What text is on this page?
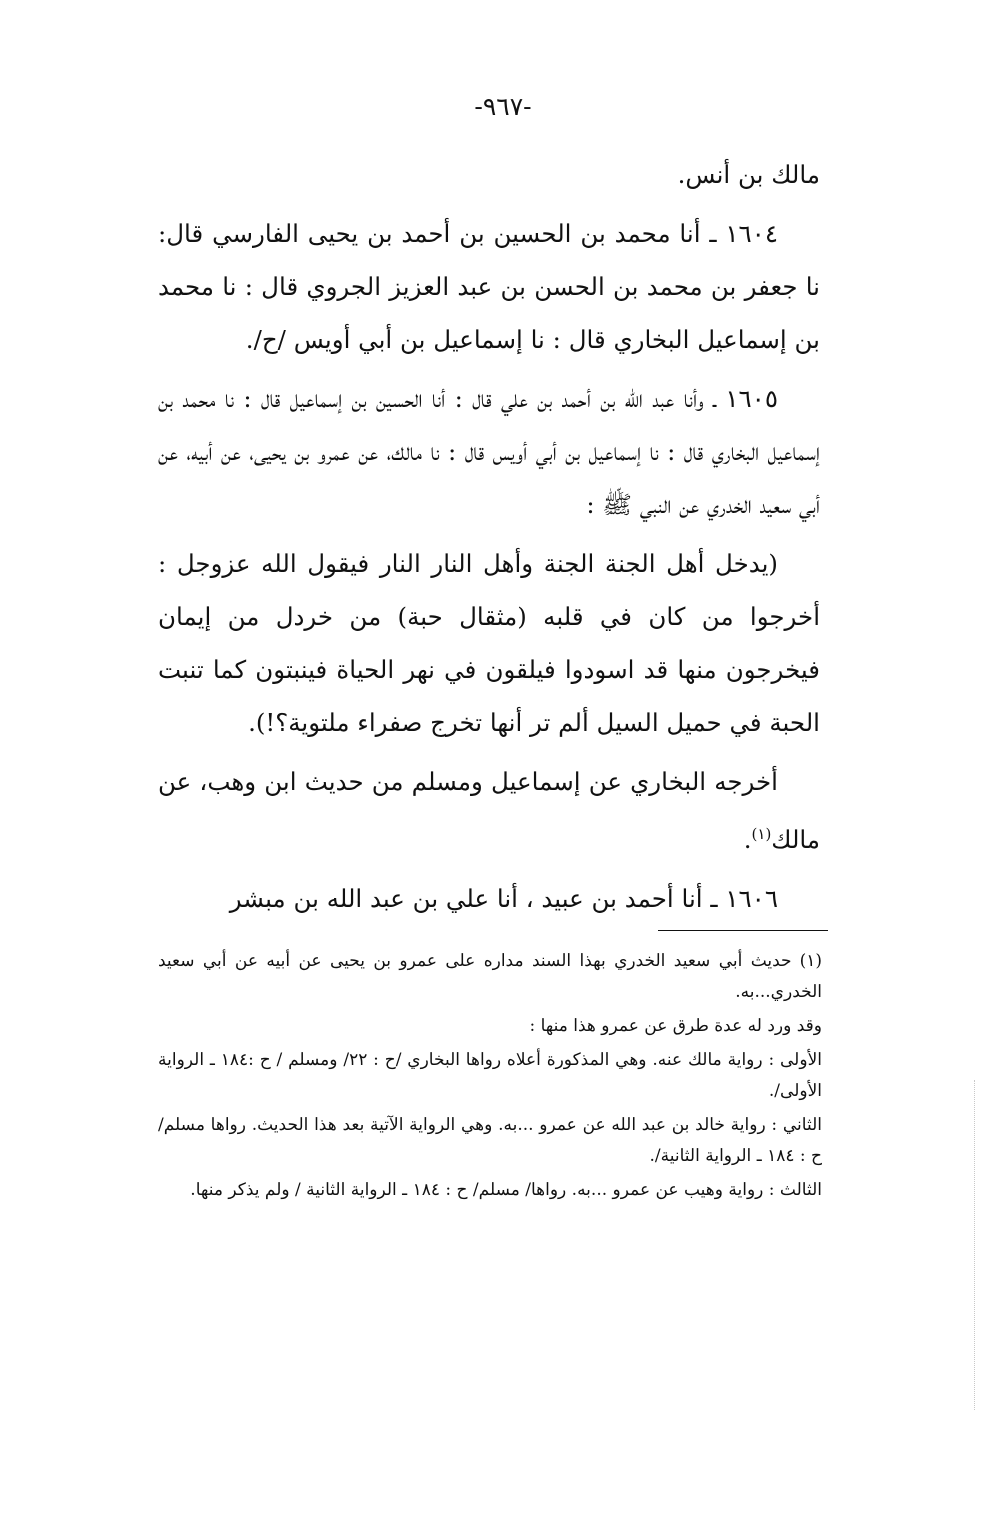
-٩٦٧-

مالك بن أنس.

١٦٠٤ ـ أنا محمد بن الحسين بن أحمد بن يحيى الفارسي قال: نا جعفر بن محمد بن الحسن بن عبد العزيز الجروي قال : نا محمد بن إسماعيل البخاري قال : نا إسماعيل بن أبي أويس /ح/.

١٦٠٥ ـ وأنا عبد الله بن أحمد بن علي قال : أنا الحسين بن إسماعيل قال : نا محمد بن إسماعيل البخاري قال : نا إسماعيل بن أبي أويس قال : نا مالك، عن عمرو بن يحيى، عن أبيه، عن أبي سعيد الخدري عن النبي ﷺ :

(يدخل أهل الجنة الجنة وأهل النار النار فيقول الله عزوجل : أخرجوا من كان في قلبه (مثقال حبة) من خردل من إيمان فيخرجون منها قد اسودوا فيلقون في نهر الحياة فينبتون كما تنبت الحبة في حميل السيل ألم تر أنها تخرج صفراء ملتوية؟!).

أخرجه البخاري عن إسماعيل ومسلم من حديث ابن وهب، عن مالك$^{(١)}$.

١٦٠٦ ـ أنا أحمد بن عبيد ، أنا علي بن عبد الله بن مبشر

(١)حديث أبي سعيد الخدري بهذا السند مداره على عمرو بن يحيى عن أبيه عن أبي سعيد الخدري...به.

وقد ورد له عدة طرق عن عمرو هذا منها :

الأولى : رواية مالك عنه. وهي المذكورة أعلاه رواها البخاري /ح : ٢٢/ ومسلم / ح :١٨٤ ـ الرواية الأولى/.

الثاني : رواية خالد بن عبد الله عن عمرو ...به. وهي الرواية الآتية بعد هذا الحديث. رواها مسلم/ح : ١٨٤ ـ الرواية الثانية/.

الثالث : رواية وهيب عن عمرو ...به. رواها/ مسلم/ ح : ١٨٤ ـ الرواية الثانية / ولم يذكر منها.
